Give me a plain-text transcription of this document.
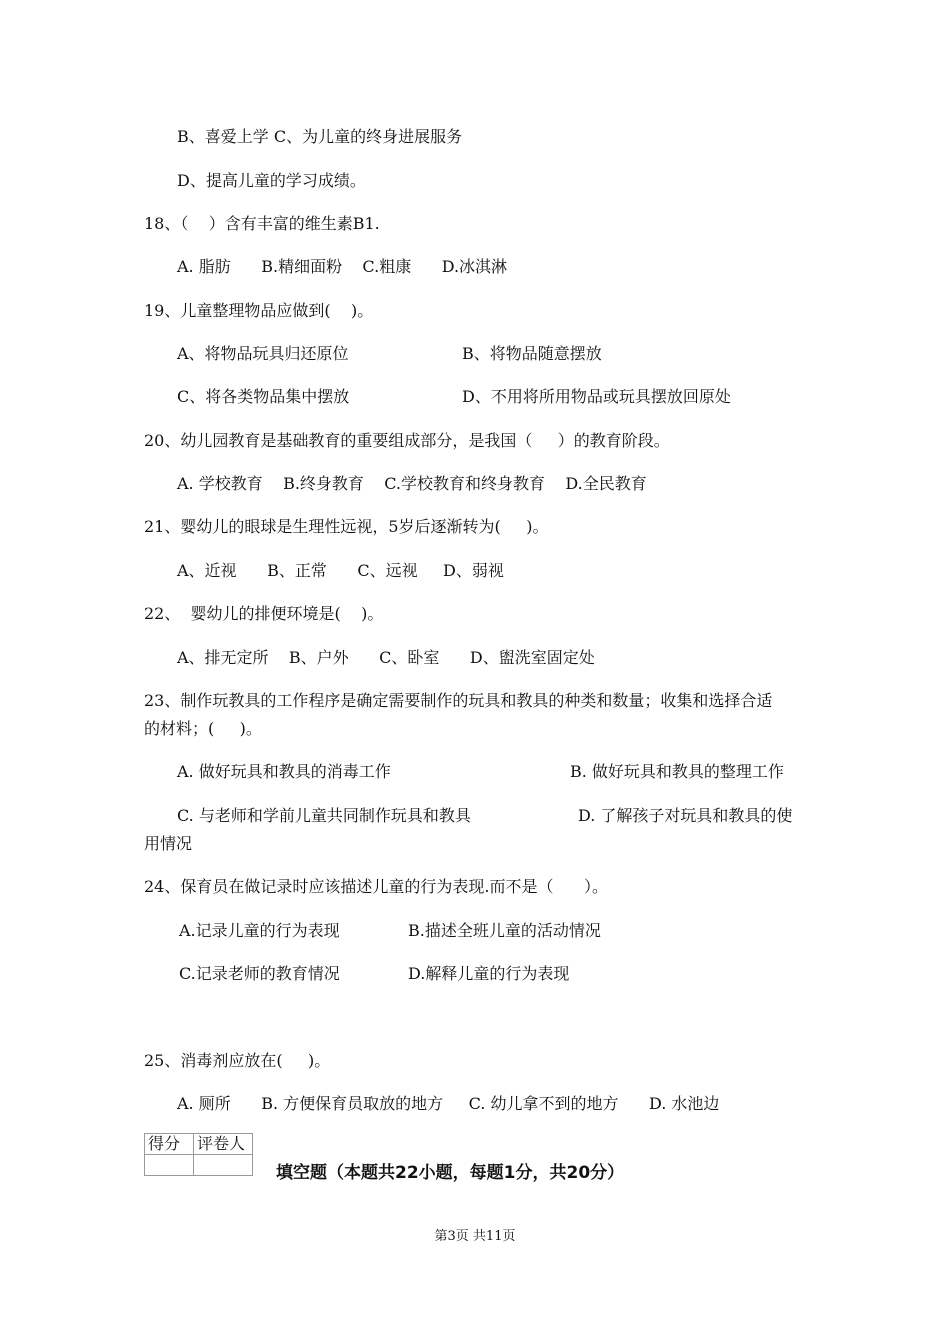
B、喜爱上学 C、为儿童的终身进展服务
D、提高儿童的学习成绩。
18、（    ）含有丰富的维生素B1.
A. 脂肪      B.精细面粉    C.粗康      D.冰淇淋
19、儿童整理物品应做到(    )。
A、将物品玩具归还原位	B、将物品随意摆放
C、将各类物品集中摆放	D、不用将所用物品或玩具摆放回原处
20、幼儿园教育是基础教育的重要组成部分，是我国（     ）的教育阶段。
A. 学校教育    B.终身教育    C.学校教育和终身教育    D.全民教育
21、婴幼儿的眼球是生理性远视，5岁后逐渐转为(     )。
A、近视      B、正常      C、远视     D、弱视
22、  婴幼儿的排便环境是(    )。
A、排无定所    B、户外      C、卧室      D、盥洗室固定处
23、制作玩教具的工作程序是确定需要制作的玩具和教具的种类和数量；收集和选择合适
的材料；(     )。
A. 做好玩具和教具的消毒工作	B. 做好玩具和教具的整理工作
C. 与老师和学前儿童共同制作玩具和教具	D. 了解孩子对玩具和教具的使
用情况
24、保育员在做记录时应该描述儿童的行为表现.而不是（      ）。
A.记录儿童的行为表现	B.描述全班儿童的活动情况
C.记录老师的教育情况	D.解释儿童的行为表现
25、消毒剂应放在(     )。
A. 厕所      B. 方便保育员取放的地方     C. 幼儿拿不到的地方      D. 水池边
得分	评卷人

填空题（本题共22小题，每题1分，共20分）
第3页 共11页
